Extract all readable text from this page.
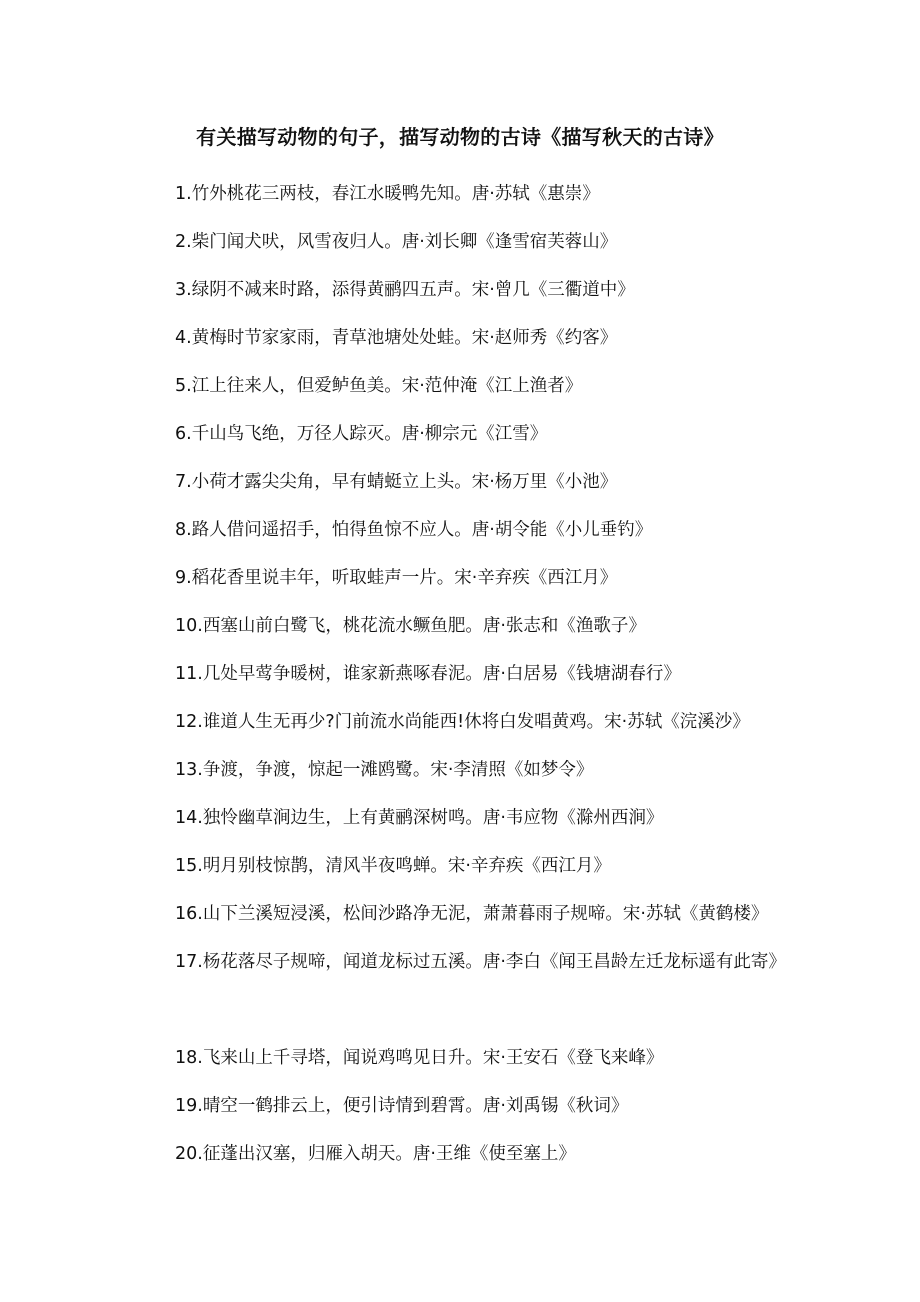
有关描写动物的句子，描写动物的古诗《描写秋天的古诗》
1.竹外桃花三两枝，春江水暖鸭先知。唐·苏轼《惠崇》
2.柴门闻犬吠，风雪夜归人。唐·刘长卿《逢雪宿芙蓉山》
3.绿阴不减来时路，添得黄鹂四五声。宋·曾几《三衢道中》
4.黄梅时节家家雨，青草池塘处处蛙。宋·赵师秀《约客》
5.江上往来人，但爱鲈鱼美。宋·范仲淹《江上渔者》
6.千山鸟飞绝，万径人踪灭。唐·柳宗元《江雪》
7.小荷才露尖尖角，早有蜻蜓立上头。宋·杨万里《小池》
8.路人借问遥招手，怕得鱼惊不应人。唐·胡令能《小儿垂钓》
9.稻花香里说丰年，听取蛙声一片。宋·辛弃疾《西江月》
10.西塞山前白鹭飞，桃花流水鳜鱼肥。唐·张志和《渔歌子》
11.几处早莺争暖树，谁家新燕啄春泥。唐·白居易《钱塘湖春行》
12.谁道人生无再少?门前流水尚能西!休将白发唱黄鸡。宋·苏轼《浣溪沙》
13.争渡，争渡，惊起一滩鸥鹭。宋·李清照《如梦令》
14.独怜幽草涧边生，上有黄鹂深树鸣。唐·韦应物《滁州西涧》
15.明月别枝惊鹊，清风半夜鸣蝉。宋·辛弃疾《西江月》
16.山下兰溪短浸溪，松间沙路净无泥，萧萧暮雨子规啼。宋·苏轼《黄鹤楼》
17.杨花落尽子规啼，闻道龙标过五溪。唐·李白《闻王昌龄左迁龙标遥有此寄》
18.飞来山上千寻塔，闻说鸡鸣见日升。宋·王安石《登飞来峰》
19.晴空一鹤排云上，便引诗情到碧霄。唐·刘禹锡《秋词》
20.征蓬出汉塞，归雁入胡天。唐·王维《使至塞上》
